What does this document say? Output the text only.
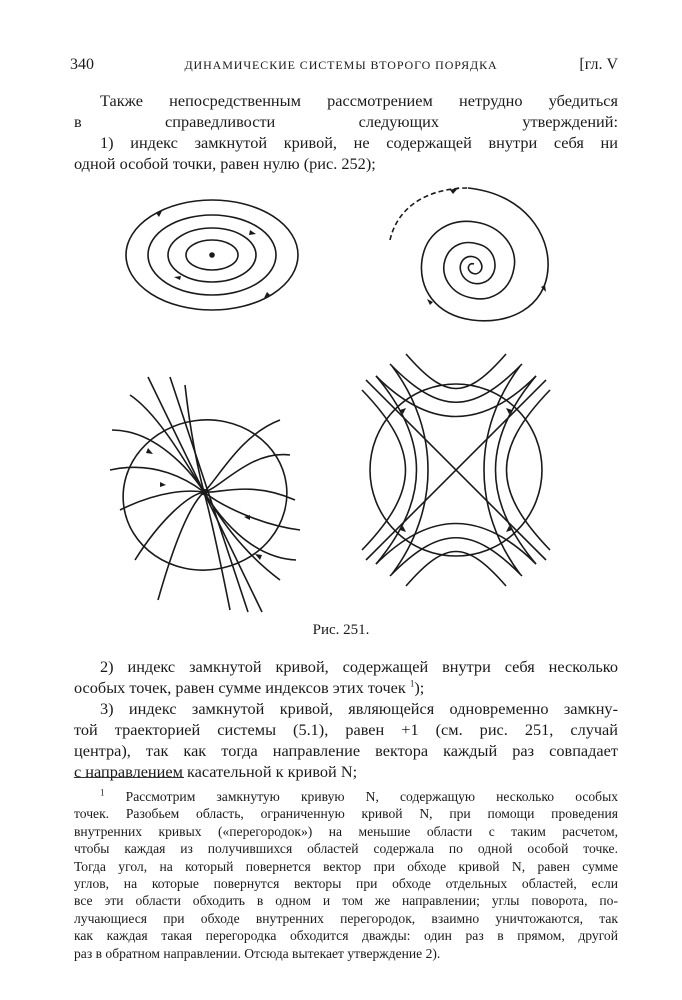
340	ДИНАМИЧЕСКИЕ СИСТЕМЫ ВТОРОГО ПОРЯДКА	[гл. V
Также непосредственным рассмотрением нетрудно убедиться
в справедливости следующих утверждений:
1) индекс замкнутой кривой, не содержащей внутри себя ни
одной особой точки, равен нулю (рис. 252);
Рис. 251.
2) индекс замкнутой кривой, содержащей внутри себя несколько
особых точек, равен сумме индексов этих точек $^1$);
3) индекс замкнутой кривой, являющейся одновременно замкну-
той траекторией системы (5.1), равен +1 (см. рис. 251, случай
центра), так как тогда направление вектора каждый раз совпадает
с направлением касательной к кривой N;
$^1$ Рассмотрим замкнутую кривую N, содержащую несколько особых
точек. Разобьем область, ограниченную кривой N, при помощи проведения
внутренних кривых («перегородок») на меньшие области с таким расчетом,
чтобы каждая из получившихся областей содержала по одной особой точке.
Тогда угол, на который повернется вектор при обходе кривой N, равен сумме
углов, на которые повернутся векторы при обходе отдельных областей, если
все эти области обходить в одном и том же направлении; углы поворота, по-
лучающиеся при обходе внутренних перегородок, взаимно уничтожаются, так
как каждая такая перегородка обходится дважды: один раз в прямом, другой
раз в обратном направлении. Отсюда вытекает утверждение 2).
